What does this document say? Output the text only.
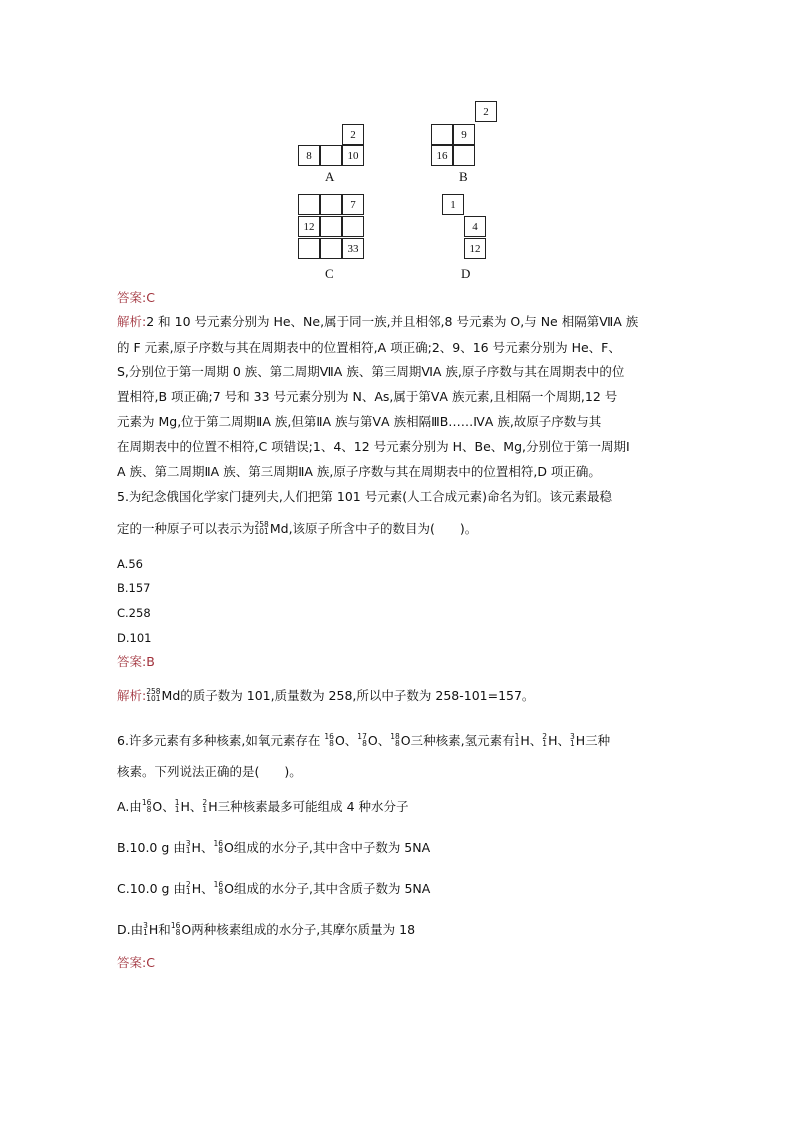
2
8	10
A
2
9
16
B
7
12
33
C
1
4
12
D
答案:C
解析:2 和 10 号元素分别为 He、Ne,属于同一族,并且相邻,8 号元素为 O,与 Ne 相隔第ⅦA 族
的 F 元素,原子序数与其在周期表中的位置相符,A 项正确;2、9、16 号元素分别为 He、F、
S,分别位于第一周期 0 族、第二周期ⅦA 族、第三周期ⅥA 族,原子序数与其在周期表中的位
置相符,B 项正确;7 号和 33 号元素分别为 N、As,属于第ⅤA 族元素,且相隔一个周期,12 号
元素为 Mg,位于第二周期ⅡA 族,但第ⅡA 族与第ⅤA 族相隔ⅢB……ⅣA 族,故原子序数与其
在周期表中的位置不相符,C 项错误;1、4、12 号元素分别为 H、Be、Mg,分别位于第一周期Ⅰ
A 族、第二周期ⅡA 族、第三周期ⅡA 族,原子序数与其在周期表中的位置相符,D 项正确。
5.为纪念俄国化学家门捷列夫,人们把第 101 号元素(人工合成元素)命名为钔。该元素最稳
定的一种原子可以表示为 258
101 Md,该原子所含中子的数目为(　　)。
A.56
B.157
C.258
D.101
答案:B
解析: 258
101 Md的质子数为 101,质量数为 258,所以中子数为 258-101=157。
6.许多元素有多种核素,如氧元素存在 16
8 O、 17
8 O、 18
8 O三种核素,氢元素有 1
1 H、 2
1 H、 3
1 H三种
核素。下列说法正确的是(　　)。
A.由 16
8 O、 1
1 H、 2
1 H三种核素最多可能组成 4 种水分子
B.10.0 g 由 3
1 H、 16
8 O组成的水分子,其中含中子数为 5NA
C.10.0 g 由 2
1 H、 16
8 O组成的水分子,其中含质子数为 5NA
D.由 3
1 H和 16
8 O两种核素组成的水分子,其摩尔质量为 18
答案:C
